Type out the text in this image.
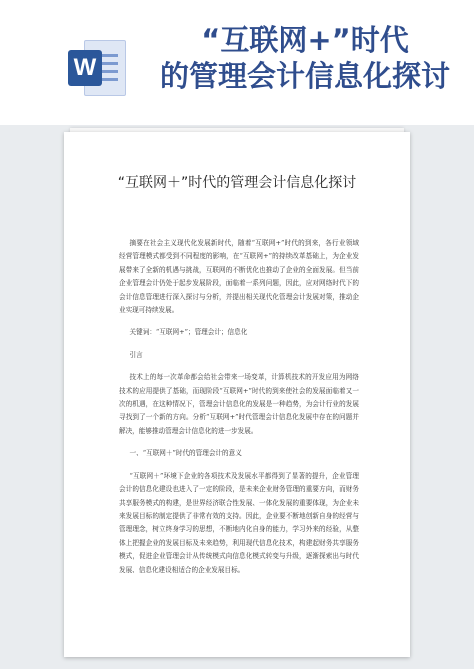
W
“互联网+”时代
的管理会计信息化探讨
“互联网＋”时代的管理会计信息化探讨

摘要在社会主义现代化发展新时代，随着“互联网+”时代的到来，各行业领域经营管理模式都受到不同程度的影响，在“互联网+”的持续改革基础上，为企业发展带来了全新的机遇与挑战，互联网的不断优化也推动了企业的全面发展。但当前企业管理会计仍处于起步发展阶段，面临着一系列问题，因此，应对网络时代下的会计信息管理进行深入探讨与分析，并提出相关现代化管理会计发展对策，推动企业实现可持续发展。

关键词：“互联网+”；管理会计；信息化

引言

技术上的每一次革命都会给社会带来一场变革，计算机技术的开发应用为网络技术的应用提供了基础，而现阶段“互联网+”时代的到来使社会的发展面临着又一次的机遇，在这种情况下，管理会计信息化的发展是一种趋势，为会计行业的发展寻找到了一个新的方向。分析“互联网+”时代管理会计信息化发展中存在的问题并解决，能够推动管理会计信息化的进一步发展。

一、“互联网＋”时代的管理会计的意义

“互联网＋”环境下企业的各项技术及发展水平都得到了显著的提升，企业管理会计的信息化建设也进入了一定的阶段，是未来企业财务管理的重要方向，而财务共享服务模式的构建，是世界经济联合性发展、一体化发展的重要体现，为企业未来发展目标的制定提供了非常有效的支持。因此，企业要不断地创新自身的经营与管理理念，树立终身学习的思想，不断地内化自身的能力，学习外来的经验，从整体上把握企业的发展目标及未来趋势，利用现代信息化技术，构建起财务共享服务模式，促进企业管理会计从传统模式向信息化模式转变与升级，逐渐探索出与时代发展、信息化建设相适合的企业发展目标。
